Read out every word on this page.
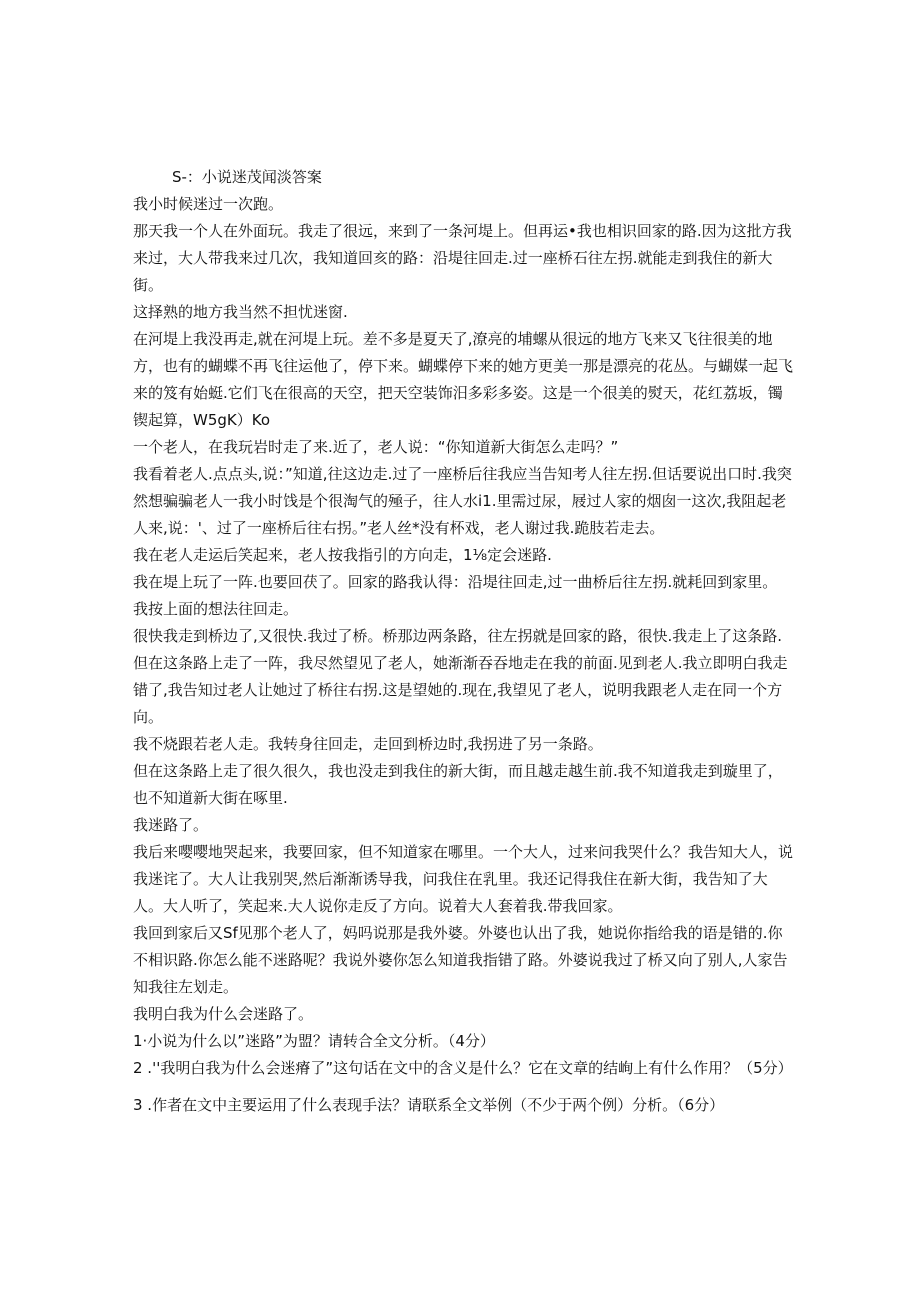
S-：小说迷茂闻淡答案

我小时候迷过一次跑。

那天我一个人在外面玩。我走了很远，来到了一条河堤上。但再运•我也相识回家的路.因为这批方我来过，大人带我来过几次，我知道回亥的路：沿堤往回走.过一座桥石往左拐.就能走到我住的新大街。

这择熟的地方我当然不担忧迷窗.

在河堤上我没再走,就在河堤上玩。差不多是夏天了,潦亮的埔螺从很远的地方飞来又飞往很美的地方，也有的蝴蝶不再飞往运他了，停下来。蝴蝶停下来的她方更美一那是漂亮的花丛。与蝴媒一起飞来的笈有始蜓.它们飞在很高的天空，把天空装饰汨多彩多姿。这是一个很美的熨天，花红荔坂，镯锲起算，W5gK）Ko

一个老人，在我玩岩时走了来.近了，老人说：“你知道新大街怎么走吗？”

我看着老人.点点头,说：”知道,往这边走.过了一座桥后往我应当告知考人往左拐.但话要说出口时.我突然想骗骗老人一我小时饯是个很淘气的殛子，往人水i1.里需过尿，屐过人家的烟囱一这次,我阻起老人来,说：'、过了一座桥后往右拐。”老人丝*没有杯戏，老人谢过我.跪肢若走去。

我在老人走运后笑起来，老人按我指引的方向走，1⅛定会迷路.

我在堤上玩了一阵.也要回茯了。回家的路我认得：沿堤往回走,过一曲桥后往左拐.就耗回到家里。

我按上面的想法往回走。

很快我走到桥边了,又很快.我过了桥。桥那边两条路，往左拐就是回家的路，很快.我走上了这条路.但在这条路上走了一阵，我尽然望见了老人，她渐渐吞吞地走在我的前面.见到老人.我立即明白我走错了,我告知过老人让她过了桥往右拐.这是望她的.现在,我望见了老人，说明我跟老人走在同一个方向。

我不烧跟若老人走。我转身往回走，走回到桥边时,我拐进了另一条路。

但在这条路上走了很久很久，我也没走到我住的新大街，而且越走越生前.我不知道我走到璇里了，也不知道新大街在啄里.

我迷路了。

我后来嘤嘤地哭起来，我要回家，但不知道家在哪里。一个大人，过来问我哭什么？我告知大人，说我迷诧了。大人让我别哭,然后渐渐诱导我，问我住在乳里。我还记得我住在新大街，我告知了大人。大人听了，笑起来.大人说你走反了方向。说着大人套着我.带我回家。

我回到家后又Sf见那个老人了，妈吗说那是我外婆。外婆也认出了我，她说你指给我的语是错的.你不相识路.你怎么能不迷路呢？我说外婆你怎么知道我指错了路。外婆说我过了桥又向了别人,人家告知我往左划走。

我明白我为什么会迷路了。

1·小说为什么以”迷路”为盟？请转合全文分析。（4分）

2 .''我明白我为什么会迷瘠了”这句话在文中的含义是什么？它在文章的结峋上有什么作用？（5分）

3 .作者在文中主要运用了什么表现手法？请联系全文举例（不少于两个例）分析。（6分）
